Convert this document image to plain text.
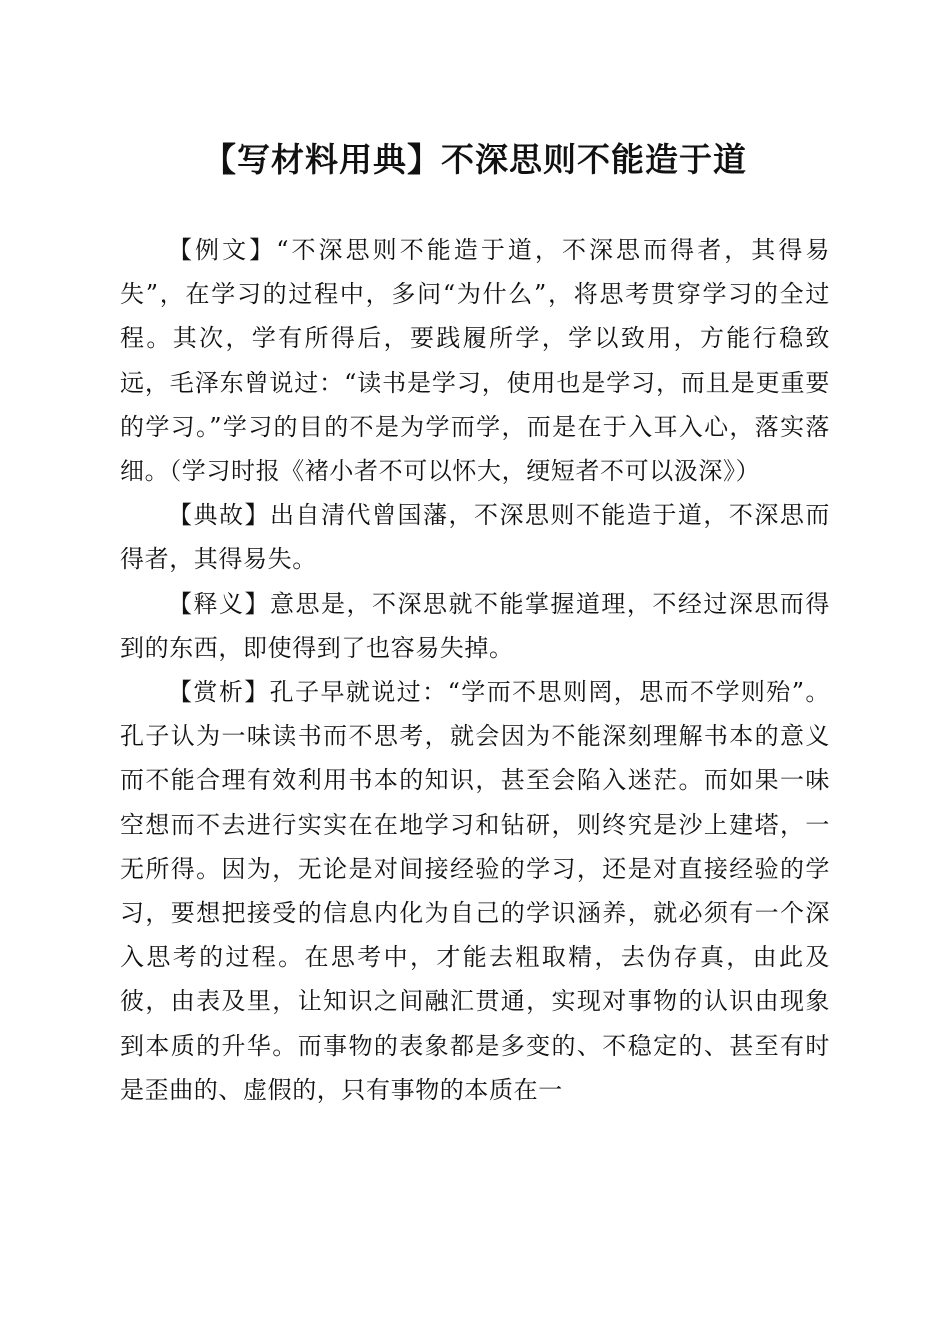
【写材料用典】不深思则不能造于道

【例文】“不深思则不能造于道，不深思而得者，其得易失”，在学习的过程中，多问“为什么”，将思考贯穿学习的全过程。其次，学有所得后，要践履所学，学以致用，方能行稳致远，毛泽东曾说过：“读书是学习，使用也是学习，而且是更重要的学习。”学习的目的不是为学而学，而是在于入耳入心，落实落细。（学习时报《褚小者不可以怀大，绠短者不可以汲深》）

【典故】出自清代曾国藩，不深思则不能造于道，不深思而得者，其得易失。

【释义】意思是，不深思就不能掌握道理，不经过深思而得到的东西，即使得到了也容易失掉。

【赏析】孔子早就说过：“学而不思则罔，思而不学则殆”。孔子认为一味读书而不思考，就会因为不能深刻理解书本的意义而不能合理有效利用书本的知识，甚至会陷入迷茫。而如果一味空想而不去进行实实在在地学习和钻研，则终究是沙上建塔，一无所得。因为，无论是对间接经验的学习，还是对直接经验的学习，要想把接受的信息内化为自己的学识涵养，就必须有一个深入思考的过程。在思考中，才能去粗取精，去伪存真，由此及彼，由表及里，让知识之间融汇贯通，实现对事物的认识由现象到本质的升华。而事物的表象都是多变的、不稳定的、甚至有时是歪曲的、虚假的，只有事物的本质在一
